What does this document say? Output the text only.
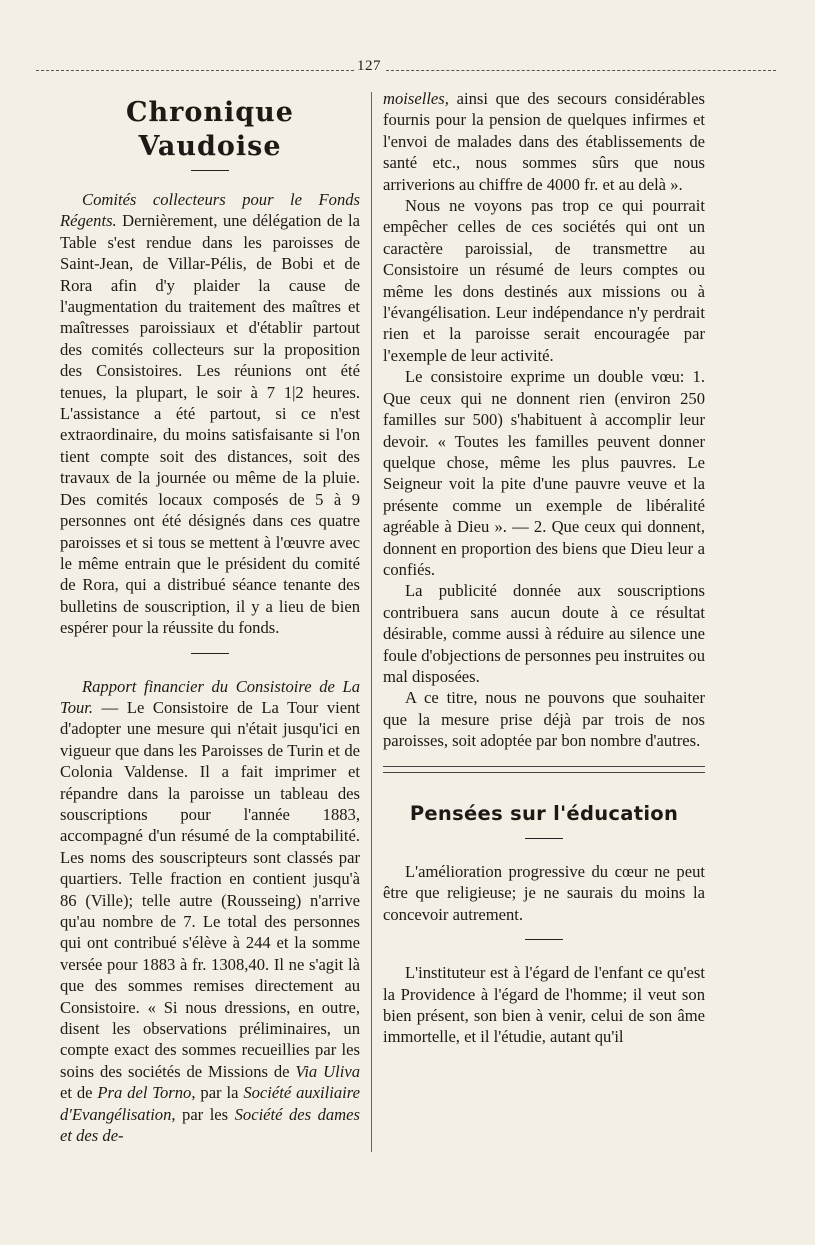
127
Chronique Vaudoise

Comités collecteurs pour le Fonds Régents. Dernièrement, une délégation de la Table s'est rendue dans les paroisses de Saint-Jean, de Villar-Pélis, de Bobi et de Rora afin d'y plaider la cause de l'augmentation du traitement des maîtres et maîtresses paroissiaux et d'établir partout des comités collecteurs sur la proposition des Consistoires. Les réunions ont été tenues, la plupart, le soir à 7 1|2 heures. L'assistance a été partout, si ce n'est extraordinaire, du moins satisfaisante si l'on tient compte soit des distances, soit des travaux de la journée ou même de la pluie. Des comités locaux composés de 5 à 9 personnes ont été désignés dans ces quatre paroisses et si tous se mettent à l'œuvre avec le même entrain que le président du comité de Rora, qui a distribué séance tenante des bulletins de souscription, il y a lieu de bien espérer pour la réussite du fonds.

Rapport financier du Consistoire de La Tour. — Le Consistoire de La Tour vient d'adopter une mesure qui n'était jusqu'ici en vigueur que dans les Paroisses de Turin et de Colonia Valdense. Il a fait imprimer et répandre dans la paroisse un tableau des souscriptions pour l'année 1883, accompagné d'un résumé de la comptabilité. Les noms des souscripteurs sont classés par quartiers. Telle fraction en contient jusqu'à 86 (Ville); telle autre (Rousseing) n'arrive qu'au nombre de 7. Le total des personnes qui ont contribué s'élève à 244 et la somme versée pour 1883 à fr. 1308,40. Il ne s'agit là que des sommes remises directement au Consistoire. « Si nous dressions, en outre, disent les observations préliminaires, un compte exact des sommes recueillies par les soins des sociétés de Missions de Via Uliva et de Pra del Torno, par la Société auxiliaire d'Evangélisation, par les Société des dames et des de-

moiselles, ainsi que des secours considérables fournis pour la pension de quelques infirmes et l'envoi de malades dans des établissements de santé etc., nous sommes sûrs que nous arriverions au chiffre de 4000 fr. et au delà ».

Nous ne voyons pas trop ce qui pourrait empêcher celles de ces sociétés qui ont un caractère paroissial, de transmettre au Consistoire un résumé de leurs comptes ou même les dons destinés aux missions ou à l'évangélisation. Leur indépendance n'y perdrait rien et la paroisse serait encouragée par l'exemple de leur activité.

Le consistoire exprime un double vœu: 1. Que ceux qui ne donnent rien (environ 250 familles sur 500) s'habituent à accomplir leur devoir. « Toutes les familles peuvent donner quelque chose, même les plus pauvres. Le Seigneur voit la pite d'une pauvre veuve et la présente comme un exemple de libéralité agréable à Dieu ». — 2. Que ceux qui donnent, donnent en proportion des biens que Dieu leur a confiés.

La publicité donnée aux souscriptions contribuera sans aucun doute à ce résultat désirable, comme aussi à réduire au silence une foule d'objections de personnes peu instruites ou mal disposées.

A ce titre, nous ne pouvons que souhaiter que la mesure prise déjà par trois de nos paroisses, soit adoptée par bon nombre d'autres.

Pensées sur l'éducation

L'amélioration progressive du cœur ne peut être que religieuse; je ne saurais du moins la concevoir autrement.

L'instituteur est à l'égard de l'enfant ce qu'est la Providence à l'égard de l'homme; il veut son bien présent, son bien à venir, celui de son âme immortelle, et il l'étudie, autant qu'il
